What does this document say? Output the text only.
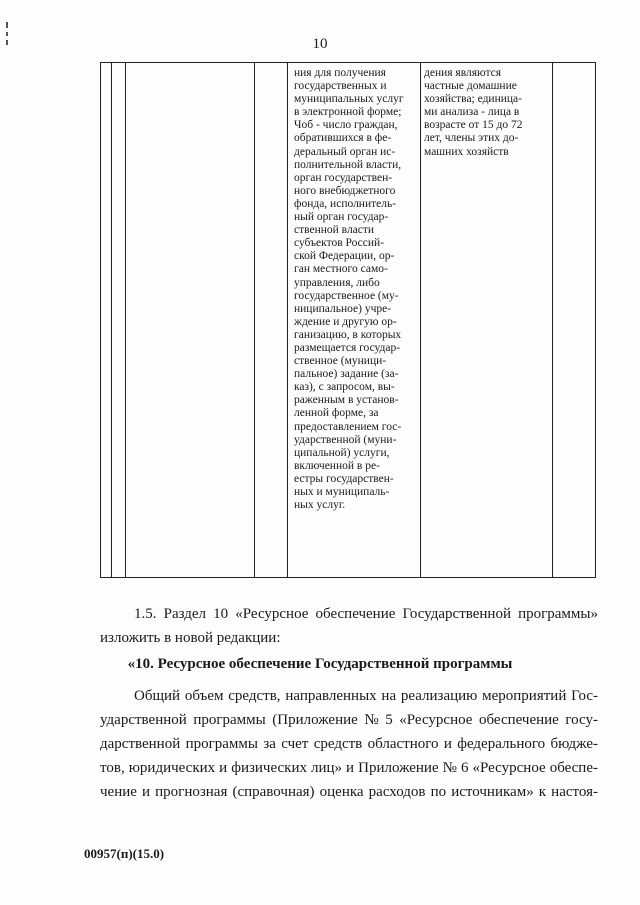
10
ния для получения
государственных и
муниципальных услуг
в электронной форме;
Чоб - число граждан,
обратившихся в фе-
деральный орган ис-
полнительной власти,
орган государствен-
ного внебюджетного
фонда, исполнитель-
ный орган государ-
ственной власти
субъектов Россий-
ской Федерации, ор-
ган местного само-
управления, либо
государственное (му-
ниципальное) учре-
ждение и другую ор-
ганизацию, в которых
размещается государ-
ственное (муници-
пальное) задание (за-
каз), с запросом, вы-
раженным в установ-
ленной форме, за
предоставлением гос-
ударственной (муни-
ципальной) услуги,
включенной в ре-
естры государствен-
ных и муниципаль-
ных услуг.
дения являются
частные домашние
хозяйства; единица-
ми анализа - лица в
возрасте от 15 до 72
лет, члены этих до-
машних хозяйств
1.5. Раздел 10 «Ресурсное обеспечение Государственной программы»
изложить в новой редакции:
«10. Ресурсное обеспечение Государственной программы
Общий объем средств, направленных на реализацию мероприятий Гос-
ударственной программы (Приложение № 5 «Ресурсное обеспечение госу-
дарственной программы за счет средств областного и федерального бюдже-
тов, юридических и физических лиц» и Приложение № 6 «Ресурсное обеспе-
чение и прогнозная (справочная) оценка расходов по источникам» к настоя-
00957(п)(15.0)
